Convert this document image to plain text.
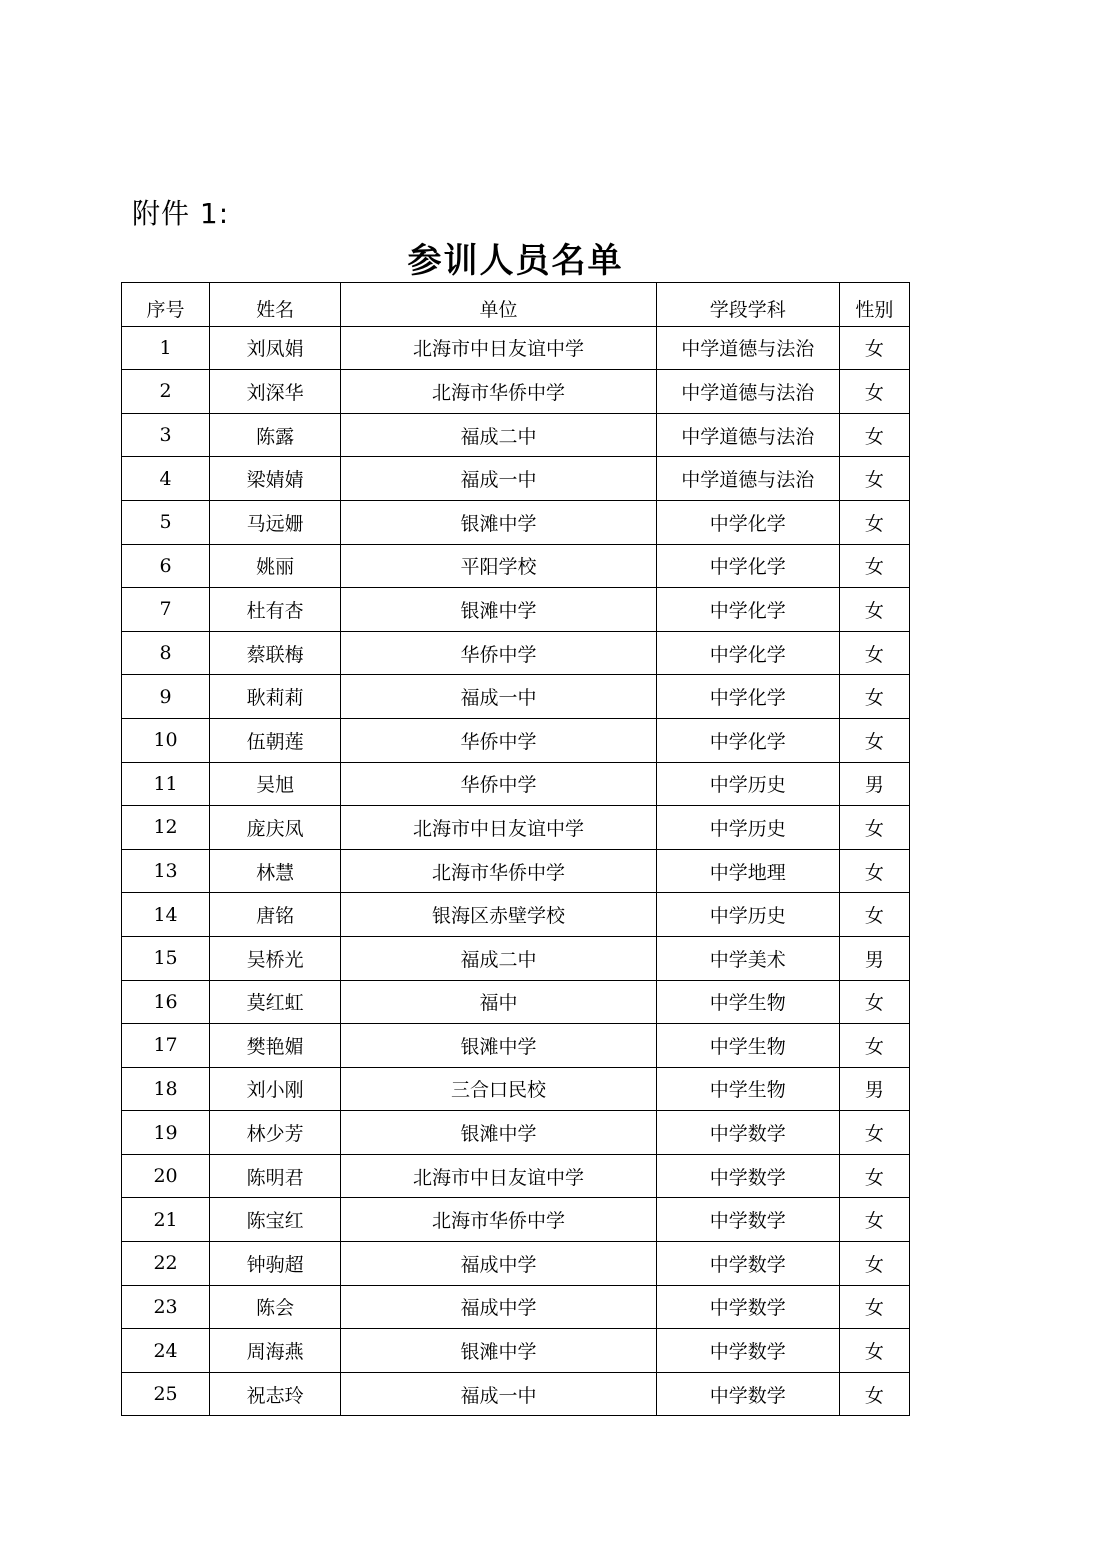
附件 1:
参训人员名单
序号	姓名	单位	学段学科	性别
1	刘凤娟	北海市中日友谊中学	中学道德与法治	女
2	刘深华	北海市华侨中学	中学道德与法治	女
3	陈露	福成二中	中学道德与法治	女
4	梁婧婧	福成一中	中学道德与法治	女
5	马远姗	银滩中学	中学化学	女
6	姚丽	平阳学校	中学化学	女
7	杜有杏	银滩中学	中学化学	女
8	蔡联梅	华侨中学	中学化学	女
9	耿莉莉	福成一中	中学化学	女
10	伍朝莲	华侨中学	中学化学	女
11	吴旭	华侨中学	中学历史	男
12	庞庆凤	北海市中日友谊中学	中学历史	女
13	林慧	北海市华侨中学	中学地理	女
14	唐铭	银海区赤壁学校	中学历史	女
15	吴桥光	福成二中	中学美术	男
16	莫红虹	福中	中学生物	女
17	樊艳媚	银滩中学	中学生物	女
18	刘小刚	三合口民校	中学生物	男
19	林少芳	银滩中学	中学数学	女
20	陈明君	北海市中日友谊中学	中学数学	女
21	陈宝红	北海市华侨中学	中学数学	女
22	钟驹超	福成中学	中学数学	女
23	陈会	福成中学	中学数学	女
24	周海燕	银滩中学	中学数学	女
25	祝志玲	福成一中	中学数学	女
